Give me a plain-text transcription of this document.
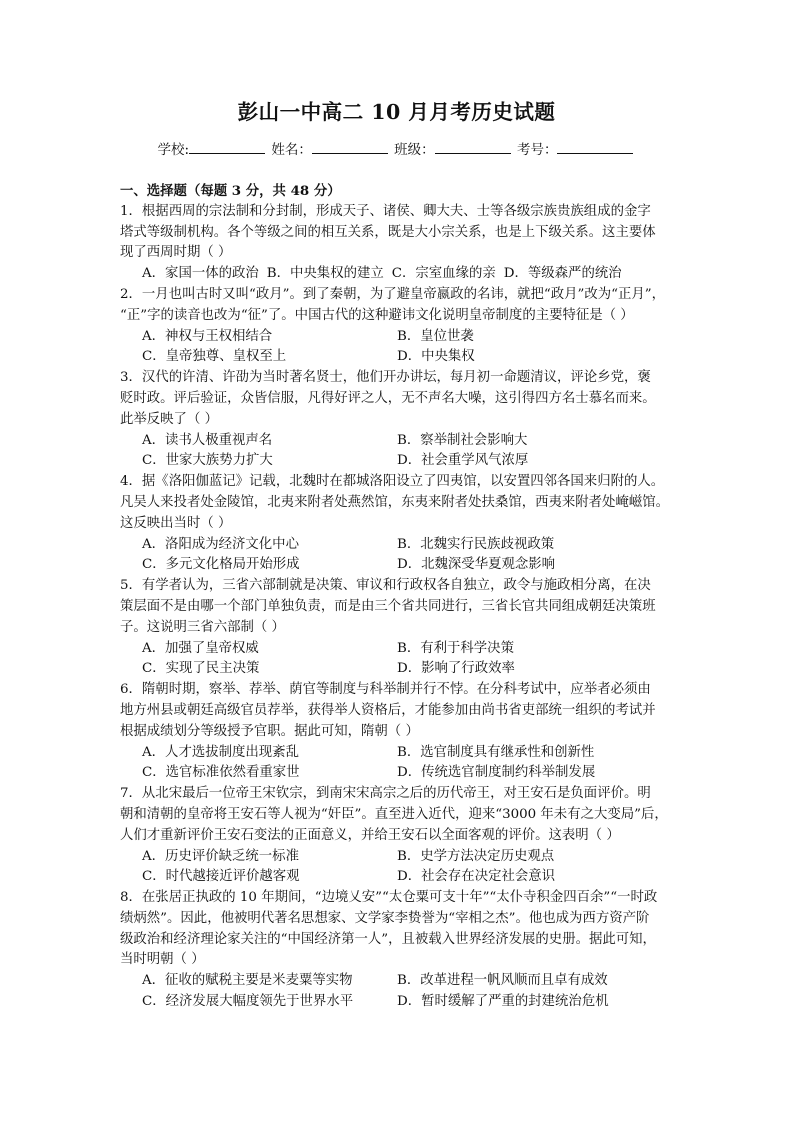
彭山一中高二 10 月月考历史试题
学校:	姓名：	班级：	考号：
一、选择题（每题 3 分，共 48 分）

1．根据西周的宗法制和分封制，形成天子、诸侯、卿大夫、士等各级宗族贵族组成的金字

塔式等级制机构。各个等级之间的相互关系，既是大小宗关系，也是上下级关系。这主要体

现了西周时期（ ）

A．家国一体的政治 B．中央集权的建立 C．宗室血缘的亲 D．等级森严的统治

2．一月也叫古时又叫“政月”。到了秦朝，为了避皇帝嬴政的名讳，就把“政月”改为“正月”，

“正”字的读音也改为“征”了。中国古代的这种避讳文化说明皇帝制度的主要特征是（ ）

A．神权与王权相结合	B．皇位世袭
C．皇帝独尊、皇权至上	D．中央集权

3．汉代的许清、许劭为当时著名贤士，他们开办讲坛，每月初一命题清议，评论乡党，褒

贬时政。评后验证，众皆信服，凡得好评之人，无不声名大噪，这引得四方名士慕名而来。

此举反映了（ ）

A．读书人极重视声名	B．察举制社会影响大
C．世家大族势力扩大	D．社会重学风气浓厚

4．据《洛阳伽蓝记》记载，北魏时在都城洛阳设立了四夷馆，以安置四邻各国来归附的人。

凡吴人来投者处金陵馆，北夷来附者处燕然馆，东夷来附者处扶桑馆，西夷来附者处崦嵫馆。

这反映出当时（ ）

A．洛阳成为经济文化中心	B．北魏实行民族歧视政策
C．多元文化格局开始形成	D．北魏深受华夏观念影响

5．有学者认为，三省六部制就是决策、审议和行政权各自独立，政令与施政相分离，在决

策层面不是由哪一个部门单独负责，而是由三个省共同进行，三省长官共同组成朝廷决策班

子。这说明三省六部制（ ）

A．加强了皇帝权威	B．有利于科学决策
C．实现了民主决策	D．影响了行政效率

6．隋朝时期，察举、荐举、荫官等制度与科举制并行不悖。在分科考试中，应举者必须由

地方州县或朝廷高级官员荐举，获得举人资格后，才能参加由尚书省吏部统一组织的考试并

根据成绩划分等级授予官职。据此可知，隋朝（ ）

A．人才选拔制度出现紊乱	B．选官制度具有继承性和创新性
C．选官标准依然看重家世	D．传统选官制度制约科举制发展

7．从北宋最后一位帝王宋钦宗，到南宋宋高宗之后的历代帝王，对王安石是负面评价。明

朝和清朝的皇帝将王安石等人视为“奸臣”。直至进入近代，迎来“3000 年未有之大变局”后，

人们才重新评价王安石变法的正面意义，并给王安石以全面客观的评价。这表明（ ）

A．历史评价缺乏统一标准	B．史学方法决定历史观点
C．时代越接近评价越客观	D．社会存在决定社会意识

8．在张居正执政的 10 年期间，“边境乂安”“太仓粟可支十年”“太仆寺积金四百余”“一时政

绩炳然”。因此，他被明代著名思想家、文学家李贽誉为“宰相之杰”。他也成为西方资产阶

级政治和经济理论家关注的“中国经济第一人”，且被载入世界经济发展的史册。据此可知，

当时明朝（ ）

A．征收的赋税主要是米麦粟等实物	B．改革进程一帆风顺而且卓有成效
C．经济发展大幅度领先于世界水平	D．暂时缓解了严重的封建统治危机
